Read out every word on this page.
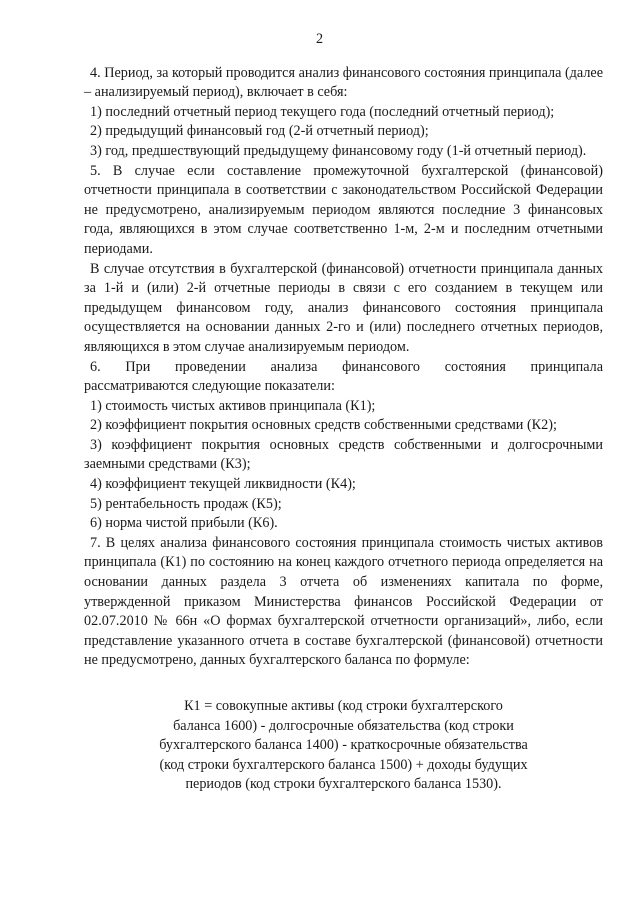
2

4. Период, за который проводится анализ финансового состояния принципала (далее – анализируемый период), включает в себя:

1) последний отчетный период текущего года (последний отчетный период);

2) предыдущий финансовый год (2-й отчетный период);

3) год, предшествующий предыдущему финансовому году (1-й отчетный период).

5. В случае если составление промежуточной бухгалтерской (финансовой) отчетности принципала в соответствии с законодательством Российской Федерации не предусмотрено, анализируемым периодом являются последние 3 финансовых года, являющихся в этом случае соответственно 1-м, 2-м и последним отчетными периодами.

В случае отсутствия в бухгалтерской (финансовой) отчетности принципала данных за 1-й и (или) 2-й отчетные периоды в связи с его созданием в текущем или предыдущем финансовом году, анализ финансового состояния принципала осуществляется на основании данных 2-го и (или) последнего отчетных периодов, являющихся в этом случае анализируемым периодом.

6. При проведении анализа финансового состояния принципала

рассматриваются следующие показатели:

1) стоимость чистых активов принципала (К1);

2) коэффициент покрытия основных средств собственными средствами (К2);

3) коэффициент покрытия основных средств собственными и долгосрочными заемными средствами (К3);

4) коэффициент текущей ликвидности (К4);

5) рентабельность продаж (К5);

6) норма чистой прибыли (К6).

7. В целях анализа финансового состояния принципала стоимость чистых активов принципала (К1) по состоянию на конец каждого отчетного периода определяется на основании данных раздела 3 отчета об изменениях капитала по форме, утвержденной приказом Министерства финансов Российской Федерации от 02.07.2010 № 66н «О формах бухгалтерской отчетности организаций», либо, если представление указанного отчета в составе бухгалтерской (финансовой) отчетности не предусмотрено, данных бухгалтерского баланса по формуле:

К1 = совокупные активы (код строки бухгалтерского
баланса 1600) - долгосрочные обязательства (код строки
бухгалтерского баланса 1400) - краткосрочные обязательства
(код строки бухгалтерского баланса 1500) + доходы будущих
периодов (код строки бухгалтерского баланса 1530).
